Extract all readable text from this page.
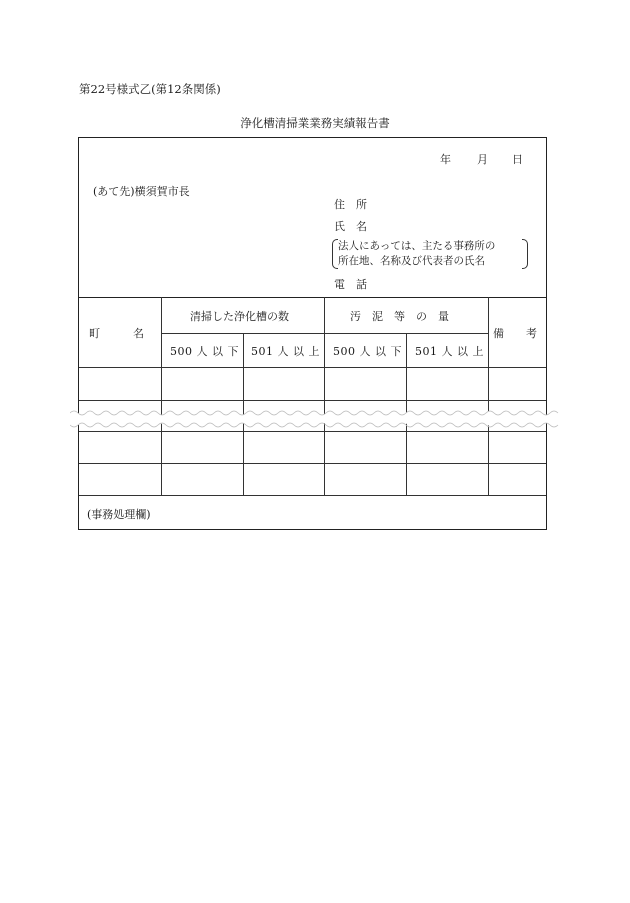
第22号様式乙(第12条関係)
浄化槽清掃業業務実績報告書
年 月 日
(あて先)横須賀市長
住　所
氏　名
法人にあっては、主たる事務所の
所在地、名称及び代表者の氏名
電　話
町　　　名
清掃した浄化槽の数	汚　泥　等　の　量
備　　考
500 人 以 下 501 人 以 上 500 人 以 下 501 人 以 上
(事務処理欄)
